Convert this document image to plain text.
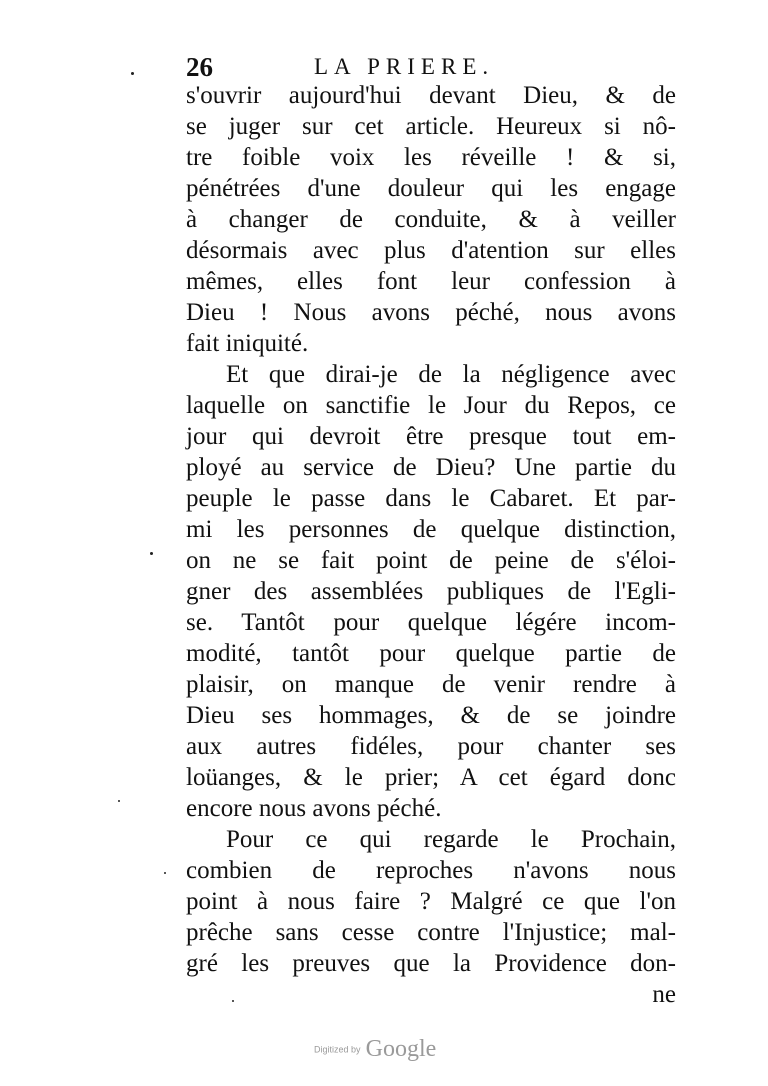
26	LA PRIERE.
s'ouvrir aujourd'hui devant Dieu, & de
se juger sur cet article. Heureux si nô-
tre foible voix les réveille ! & si,
pénétrées d'une douleur qui les engage
à changer de conduite, & à veiller
désormais avec plus d'atention sur elles
mêmes, elles font leur confession à
Dieu ! Nous avons péché, nous avons
fait iniquité.
Et que dirai-je de la négligence avec
laquelle on sanctifie le Jour du Repos, ce
jour qui devroit être presque tout em-
ployé au service de Dieu? Une partie du
peuple le passe dans le Cabaret. Et par-
mi les personnes de quelque distinction,
on ne se fait point de peine de s'éloi-
gner des assemblées publiques de l'Egli-
se. Tantôt pour quelque légére incom-
modité, tantôt pour quelque partie de
plaisir, on manque de venir rendre à
Dieu ses hommages, & de se joindre
aux autres fidéles, pour chanter ses
loüanges, & le prier; A cet égard donc
encore nous avons péché.
Pour ce qui regarde le Prochain,
combien de reproches n'avons nous
point à nous faire ? Malgré ce que l'on
prêche sans cesse contre l'Injustice; mal-
gré les preuves que la Providence don-
ne
Digitized by Google
